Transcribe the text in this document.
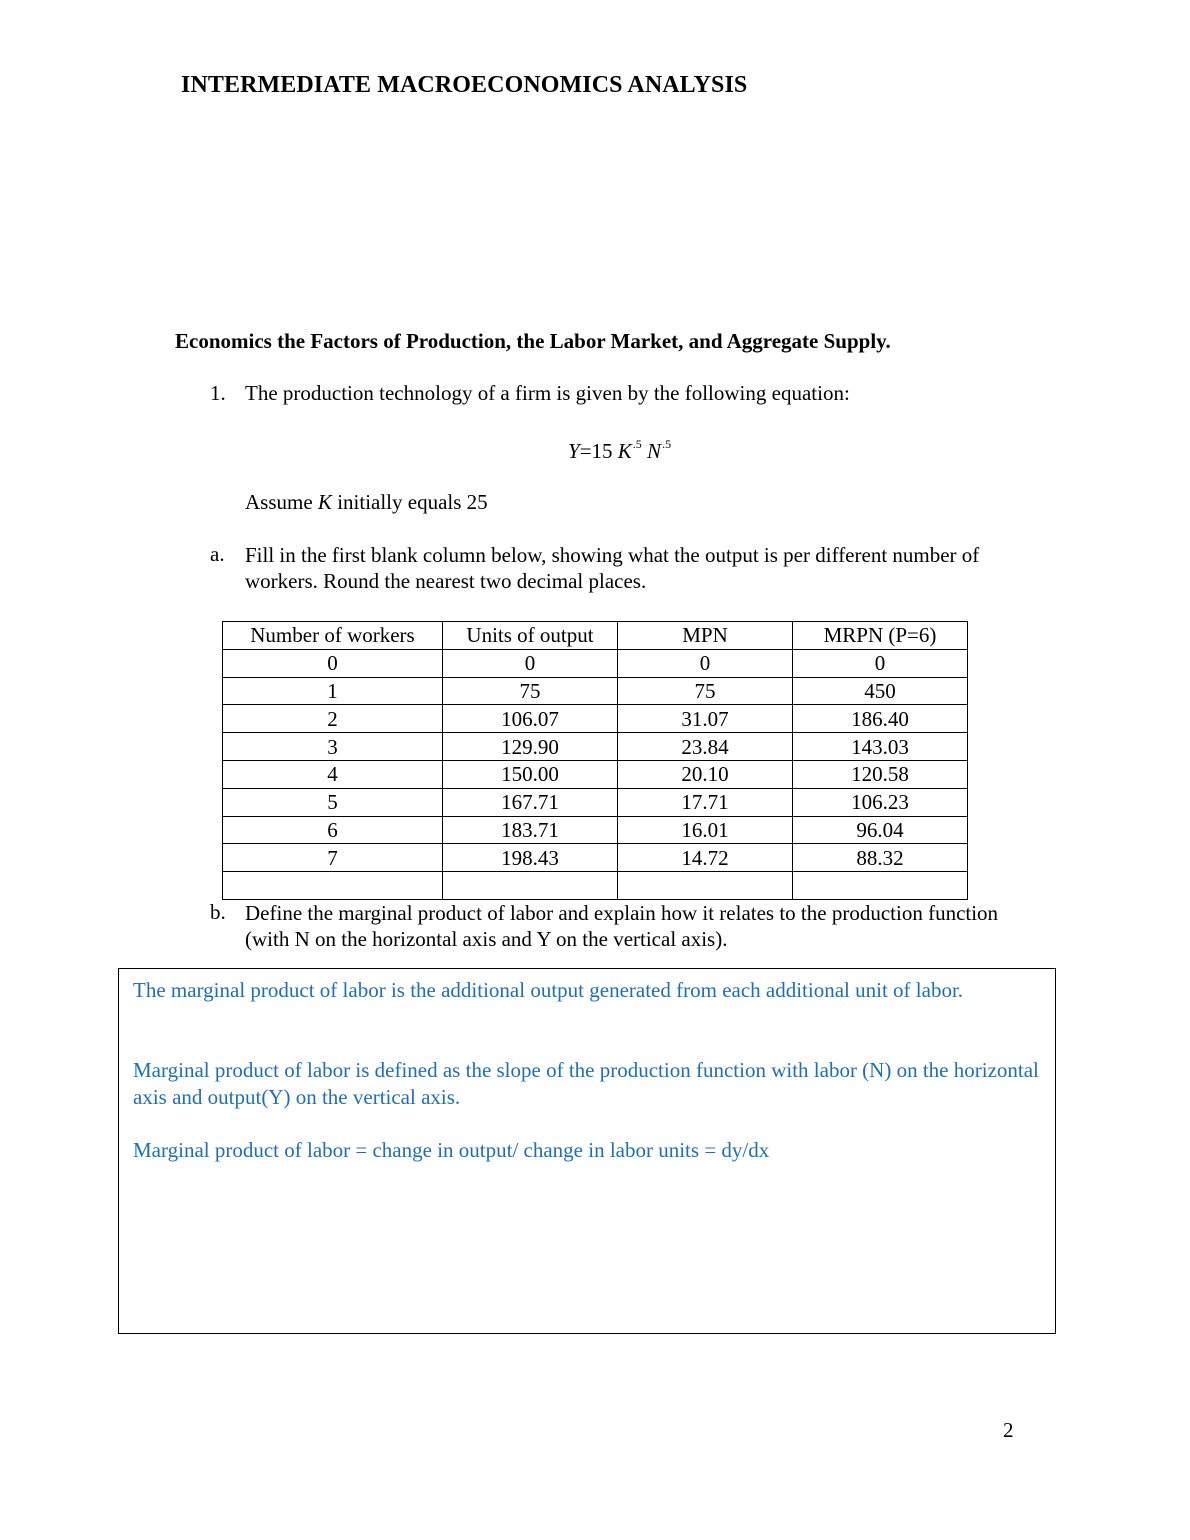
INTERMEDIATE MACROECONOMICS ANALYSIS
Economics the Factors of Production, the Labor Market, and Aggregate Supply.
1. The production technology of a firm is given by the following equation:
Y=15 $K^{.5}$ $N^{.5}$
Assume K initially equals 25
a. Fill in the first blank column below, showing what the output is per different number of workers. Round the nearest two decimal places.
Number of workers	Units of output	MPN	MRPN (P=6)
0	0	0	0
1	75	75	450
2	106.07	31.07	186.40
3	129.90	23.84	143.03
4	150.00	20.10	120.58
5	167.71	17.71	106.23
6	183.71	16.01	96.04
7	198.43	14.72	88.32

b. Define the marginal product of labor and explain how it relates to the production function (with N on the horizontal axis and Y on the vertical axis).
The marginal product of labor is the additional output generated from each additional unit of labor.
Marginal product of labor is defined as the slope of the production function with labor (N) on the horizontal axis and output(Y) on the vertical axis.
Marginal product of labor = change in output/ change in labor units = dy/dx
2
